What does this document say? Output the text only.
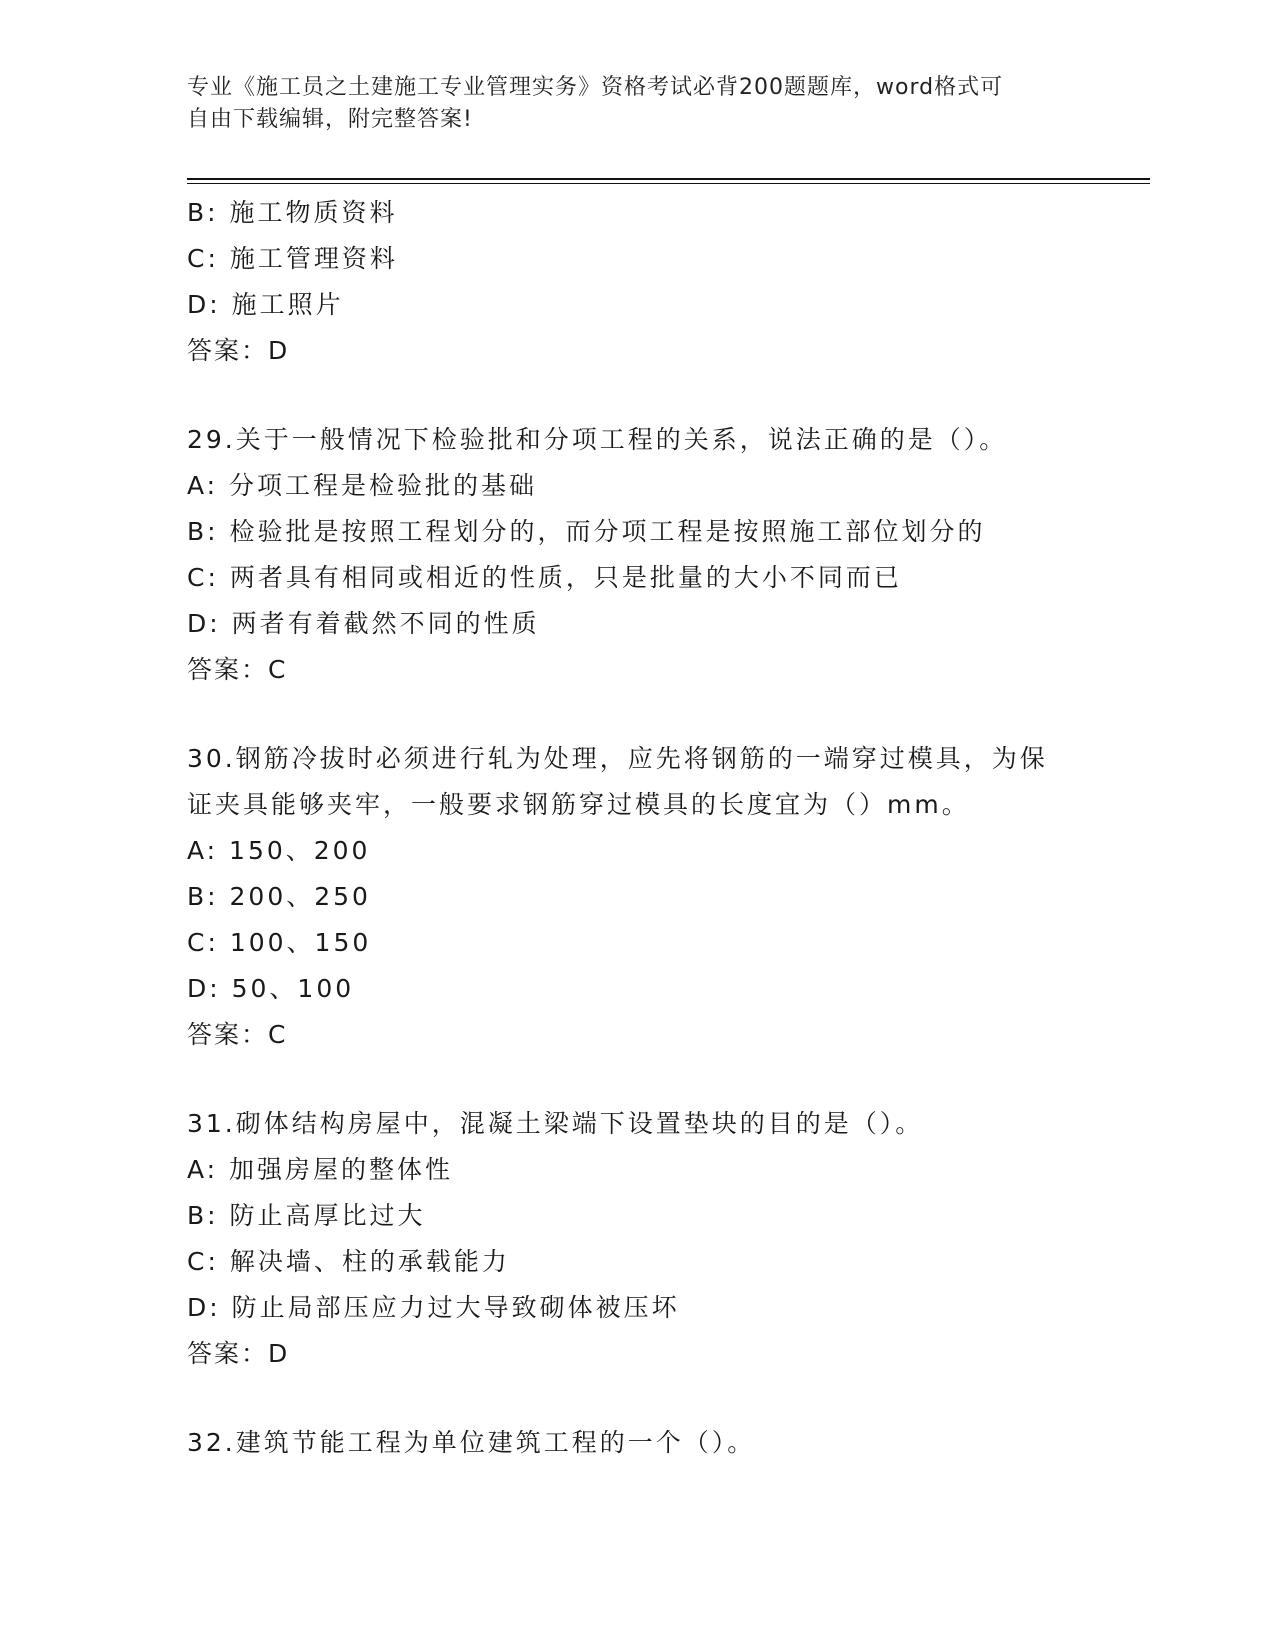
专业《施工员之土建施工专业管理实务》资格考试必背200题题库，word格式可

自由下载编辑，附完整答案!

B: 施工物质资料
C: 施工管理资料
D: 施工照片
答案：D
29.关于一般情况下检验批和分项工程的关系，说法正确的是（）。
A: 分项工程是检验批的基础
B: 检验批是按照工程划分的，而分项工程是按照施工部位划分的
C: 两者具有相同或相近的性质，只是批量的大小不同而已
D: 两者有着截然不同的性质
答案：C
30.钢筋冷拔时必须进行轧为处理，应先将钢筋的一端穿过模具，为保
证夹具能够夹牢，一般要求钢筋穿过模具的长度宜为（）mm。
A: 150、200
B: 200、250
C: 100、150
D: 50、100
答案：C
31.砌体结构房屋中，混凝土梁端下设置垫块的目的是（）。
A: 加强房屋的整体性
B: 防止高厚比过大
C: 解决墙、柱的承载能力
D: 防止局部压应力过大导致砌体被压坏
答案：D
32.建筑节能工程为单位建筑工程的一个（）。
